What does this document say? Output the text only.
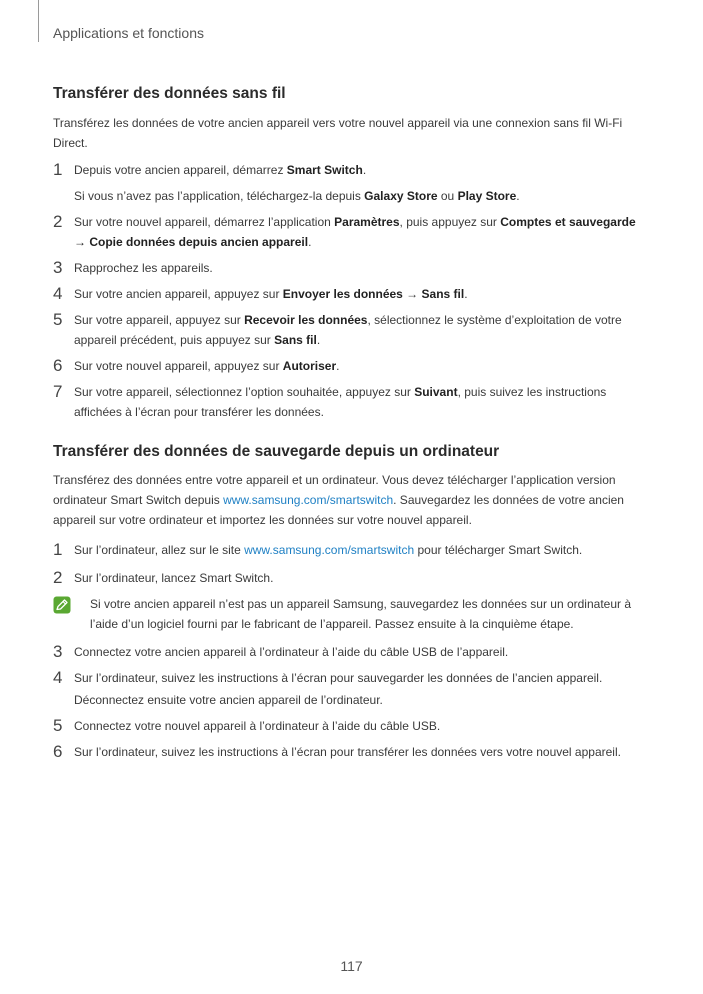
Applications et fonctions
Transférer des données sans fil

Transférez les données de votre ancien appareil vers votre nouvel appareil via une connexion sans fil Wi-Fi Direct.

1 Depuis votre ancien appareil, démarrez Smart Switch.
Si vous n’avez pas l’application, téléchargez-la depuis Galaxy Store ou Play Store.
2 Sur votre nouvel appareil, démarrez l’application Paramètres, puis appuyez sur Comptes et sauvegarde
→ Copie données depuis ancien appareil.
3 Rapprochez les appareils.
4 Sur votre ancien appareil, appuyez sur Envoyer les données → Sans fil.
5 Sur votre appareil, appuyez sur Recevoir les données, sélectionnez le système d’exploitation de votre appareil précédent, puis appuyez sur Sans fil.
6 Sur votre nouvel appareil, appuyez sur Autoriser.
7 Sur votre appareil, sélectionnez l’option souhaitée, appuyez sur Suivant, puis suivez les instructions affichées à l’écran pour transférer les données.
Transférer des données de sauvegarde depuis un ordinateur

Transférez des données entre votre appareil et un ordinateur. Vous devez télécharger l’application version ordinateur Smart Switch depuis www.samsung.com/smartswitch. Sauvegardez les données de votre ancien appareil sur votre ordinateur et importez les données sur votre nouvel appareil.

1 Sur l’ordinateur, allez sur le site www.samsung.com/smartswitch pour télécharger Smart Switch.
2 Sur l’ordinateur, lancez Smart Switch.
Si votre ancien appareil n’est pas un appareil Samsung, sauvegardez les données sur un ordinateur à l’aide d’un logiciel fourni par le fabricant de l’appareil. Passez ensuite à la cinquième étape.
3 Connectez votre ancien appareil à l’ordinateur à l’aide du câble USB de l’appareil.
4 Sur l’ordinateur, suivez les instructions à l’écran pour sauvegarder les données de l’ancien appareil.
Déconnectez ensuite votre ancien appareil de l’ordinateur.
5 Connectez votre nouvel appareil à l’ordinateur à l’aide du câble USB.
6 Sur l’ordinateur, suivez les instructions à l’écran pour transférer les données vers votre nouvel appareil.
117
